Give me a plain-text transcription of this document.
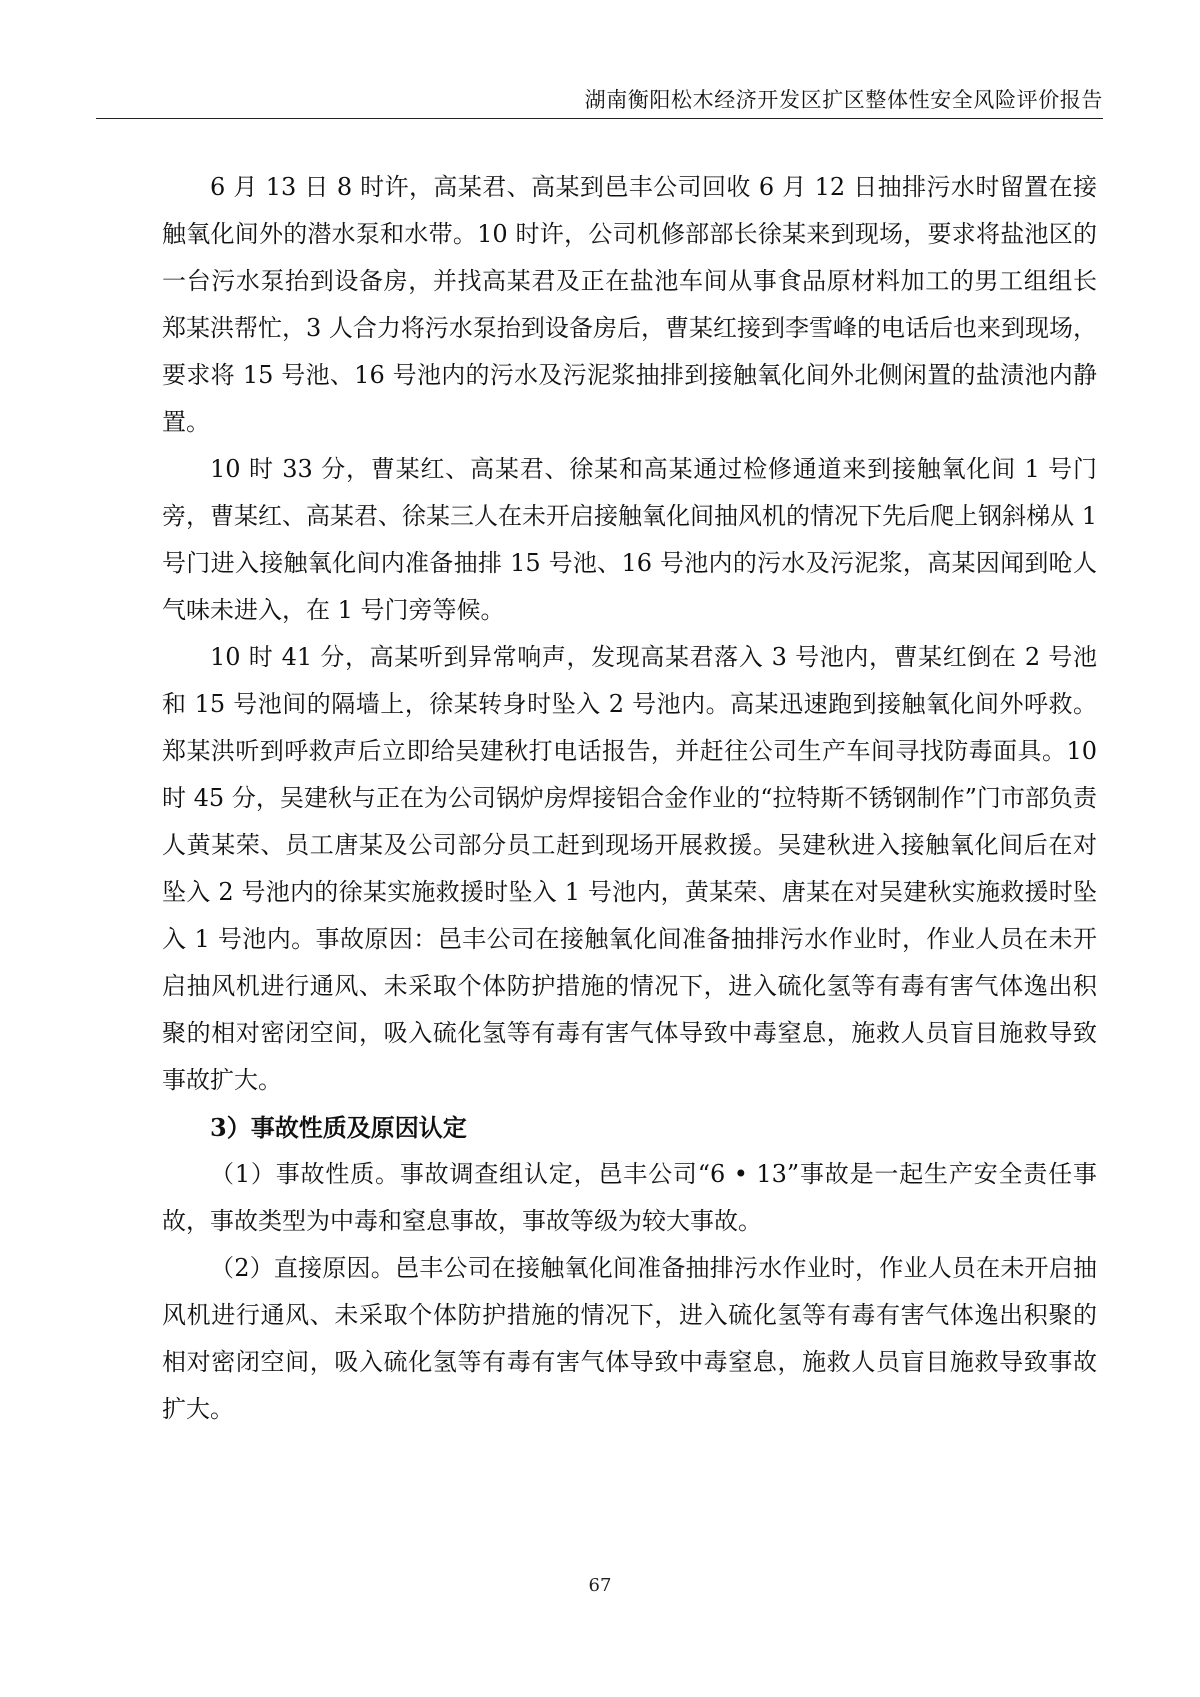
湖南衡阳松木经济开发区扩区整体性安全风险评价报告

6 月 13 日 8 时许，高某君、高某到邑丰公司回收 6 月 12 日抽排污水时留置在接触氧化间外的潜水泵和水带。10 时许，公司机修部部长徐某来到现场，要求将盐池区的一台污水泵抬到设备房，并找高某君及正在盐池车间从事食品原材料加工的男工组组长郑某洪帮忙，3 人合力将污水泵抬到设备房后，曹某红接到李雪峰的电话后也来到现场，要求将 15 号池、16 号池内的污水及污泥浆抽排到接触氧化间外北侧闲置的盐渍池内静置。

10 时 33 分，曹某红、高某君、徐某和高某通过检修通道来到接触氧化间 1 号门旁，曹某红、高某君、徐某三人在未开启接触氧化间抽风机的情况下先后爬上钢斜梯从 1 号门进入接触氧化间内准备抽排 15 号池、16 号池内的污水及污泥浆，高某因闻到呛人气味未进入，在 1 号门旁等候。

10 时 41 分，高某听到异常响声，发现高某君落入 3 号池内，曹某红倒在 2 号池和 15 号池间的隔墙上，徐某转身时坠入 2 号池内。高某迅速跑到接触氧化间外呼救。郑某洪听到呼救声后立即给吴建秋打电话报告，并赶往公司生产车间寻找防毒面具。10 时 45 分，吴建秋与正在为公司锅炉房焊接铝合金作业的“拉特斯不锈钢制作”门市部负责人黄某荣、员工唐某及公司部分员工赶到现场开展救援。吴建秋进入接触氧化间后在对坠入 2 号池内的徐某实施救援时坠入 1 号池内，黄某荣、唐某在对吴建秋实施救援时坠入 1 号池内。事故原因：邑丰公司在接触氧化间准备抽排污水作业时，作业人员在未开启抽风机进行通风、未采取个体防护措施的情况下，进入硫化氢等有毒有害气体逸出积聚的相对密闭空间，吸入硫化氢等有毒有害气体导致中毒窒息，施救人员盲目施救导致事故扩大。

3）事故性质及原因认定

（1）事故性质。事故调查组认定，邑丰公司“6 • 13”事故是一起生产安全责任事故，事故类型为中毒和窒息事故，事故等级为较大事故。

（2）直接原因。邑丰公司在接触氧化间准备抽排污水作业时，作业人员在未开启抽风机进行通风、未采取个体防护措施的情况下，进入硫化氢等有毒有害气体逸出积聚的相对密闭空间，吸入硫化氢等有毒有害气体导致中毒窒息，施救人员盲目施救导致事故扩大。

67
